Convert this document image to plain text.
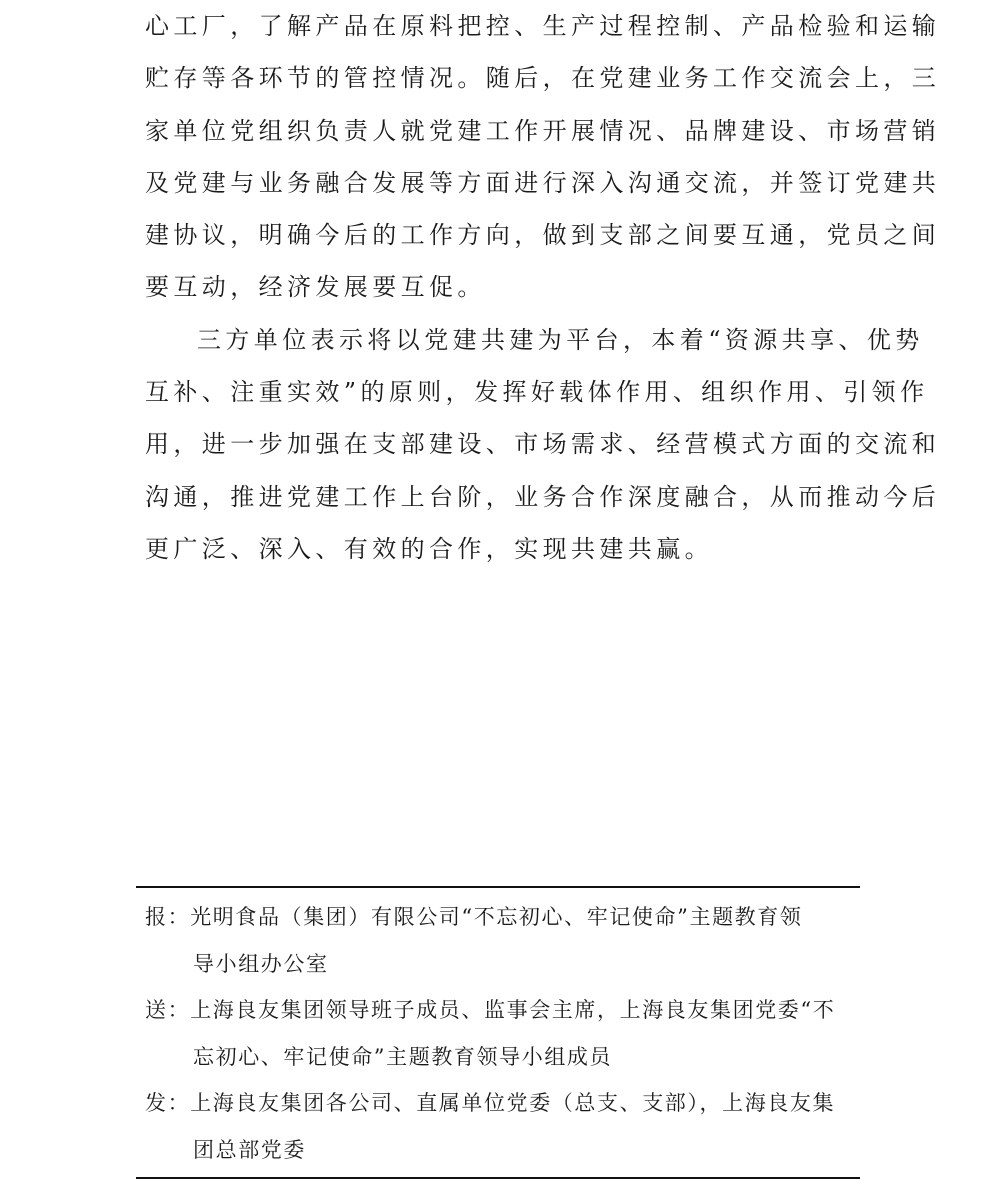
心工厂，了解产品在原料把控、生产过程控制、产品检验和运输
贮存等各环节的管控情况。随后，在党建业务工作交流会上，三
家单位党组织负责人就党建工作开展情况、品牌建设、市场营销
及党建与业务融合发展等方面进行深入沟通交流，并签订党建共
建协议，明确今后的工作方向，做到支部之间要互通，党员之间
要互动，经济发展要互促。
三方单位表示将以党建共建为平台，本着“资源共享、优势
互补、注重实效”的原则，发挥好载体作用、组织作用、引领作
用，进一步加强在支部建设、市场需求、经营模式方面的交流和
沟通，推进党建工作上台阶，业务合作深度融合，从而推动今后
更广泛、深入、有效的合作，实现共建共赢。
报：光明食品（集团）有限公司“不忘初心、牢记使命”主题教育领
导小组办公室
送：上海良友集团领导班子成员、监事会主席，上海良友集团党委“不
忘初心、牢记使命”主题教育领导小组成员
发：上海良友集团各公司、直属单位党委（总支、支部），上海良友集
团总部党委
